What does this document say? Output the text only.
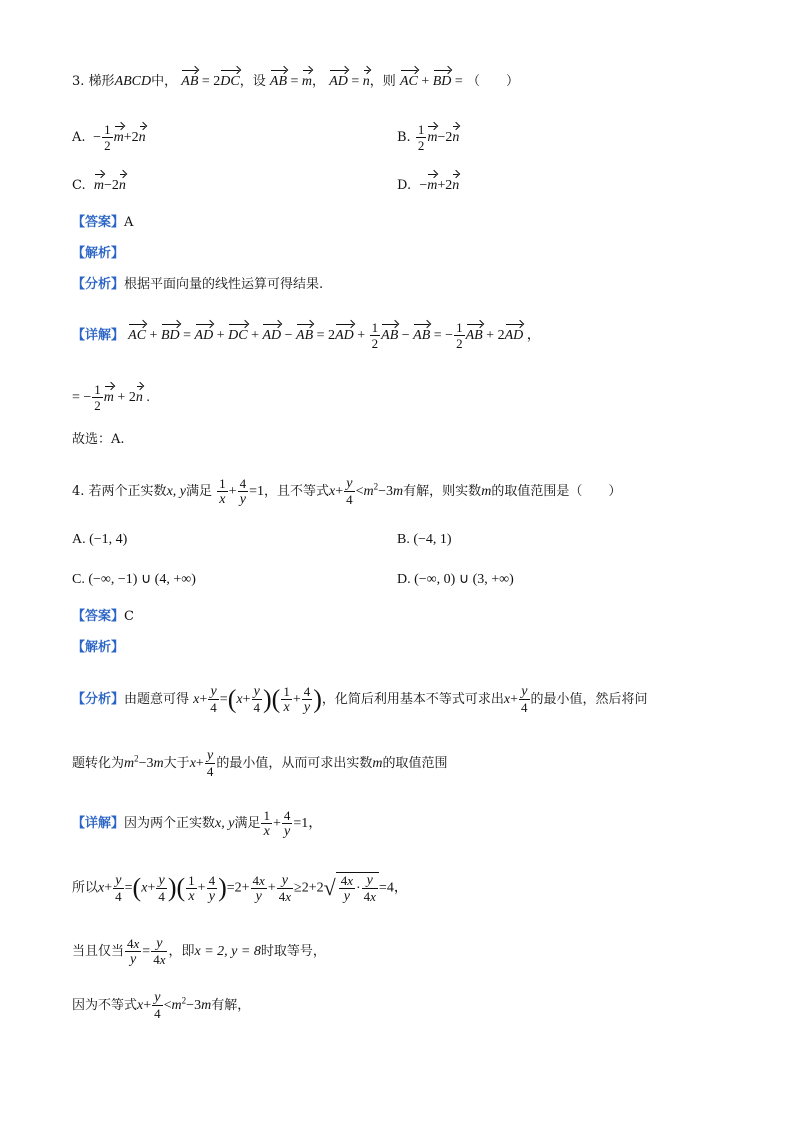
3. 梯形ABCD中， AB = 2DC，设 AB = m， AD = n，则 AC + BD = （　　）
A.  − $\frac{1}{2} m+2n$	B. $\frac{1}{2} m-2n$
C. m−2n	D. −m+2n
【答案】A
【解析】
【分析】根据平面向量的线性运算可得结果.
【详解】 AC + BD = AD + DC + AD − AB = $2AD + \frac{1}{2}$ AB − AB = − $\frac{1}{2}$ AB + 2AD ，
= − $\frac{1}{2}$ m + 2n .
故选：A.
4. 若两个正实数x, y满足 $\frac{1}{x} + \frac{4}{y} =1$，且不等式$x+ \frac{y}{4} <m^2-3m$有解，则实数m的取值范围是（　　）
A. (−1, 4)	B. (−4, 1)
C. (−∞, −1) ∪ (4, +∞)	D. (−∞, 0) ∪ (3, +∞)
【答案】C
【解析】
【分析】由题意可得 $x+ \frac{y}{4} =(x+ \frac{y}{4}$ )( $\frac{1}{x} + \frac{4}{y}$ )，化简后利用基本不等式可求出$x+ \frac{y}{4}$ 的最小值，然后将问
题转化为$m^2-3m$大于$x+ \frac{y}{4}$ 的最小值，从而可求出实数m的取值范围
【详解】因为两个正实数x, y满足 $\frac{1}{x} + \frac{4}{y} =1$，
所以$x+ \frac{y}{4} =(x+ \frac{y}{4}$ )( $\frac{1}{x} + \frac{4}{y} )=2+ \frac{4x}{y} + \frac{y}{4x} \ge 2+2√ \frac{4x}{y} \cdot \frac{y}{4x} =4$，
当且仅当 $\frac{4x}{y} = \frac{y}{4x}$ ，即x = 2, y = 8时取等号，
因为不等式$x+ \frac{y}{4} <m^2-3m$有解，
